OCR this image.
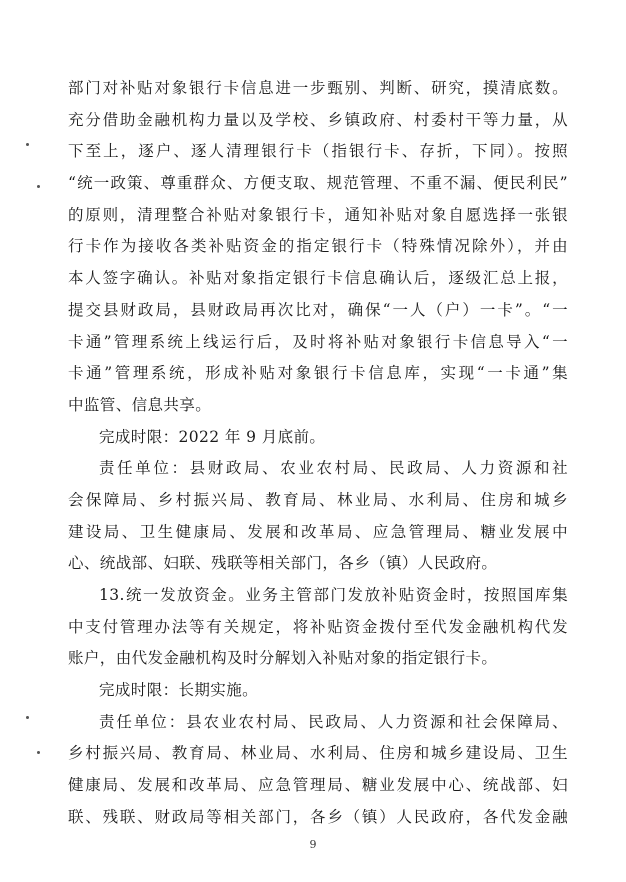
部门对补贴对象银行卡信息进一步甄别、判断、研究，摸清底数。
充分借助金融机构力量以及学校、乡镇政府、村委村干等力量，从
下至上，逐户、逐人清理银行卡（指银行卡、存折，下同）。按照
“统一政策、尊重群众、方便支取、规范管理、不重不漏、便民利民”
的原则，清理整合补贴对象银行卡，通知补贴对象自愿选择一张银
行卡作为接收各类补贴资金的指定银行卡（特殊情况除外），并由
本人签字确认。补贴对象指定银行卡信息确认后，逐级汇总上报，
提交县财政局，县财政局再次比对，确保“一人（户）一卡”。“一
卡通”管理系统上线运行后，及时将补贴对象银行卡信息导入“一
卡通”管理系统，形成补贴对象银行卡信息库，实现“一卡通”集
中监管、信息共享。
完成时限：2022 年 9 月底前。
责任单位：县财政局、农业农村局、民政局、人力资源和社
会保障局、乡村振兴局、教育局、林业局、水利局、住房和城乡
建设局、卫生健康局、发展和改革局、应急管理局、糖业发展中
心、统战部、妇联、残联等相关部门，各乡（镇）人民政府。
13.统一发放资金。业务主管部门发放补贴资金时，按照国库集
中支付管理办法等有关规定，将补贴资金拨付至代发金融机构代发
账户，由代发金融机构及时分解划入补贴对象的指定银行卡。
完成时限：长期实施。
责任单位：县农业农村局、民政局、人力资源和社会保障局、
乡村振兴局、教育局、林业局、水利局、住房和城乡建设局、卫生
健康局、发展和改革局、应急管理局、糖业发展中心、统战部、妇
联、残联、财政局等相关部门，各乡（镇）人民政府，各代发金融
9
